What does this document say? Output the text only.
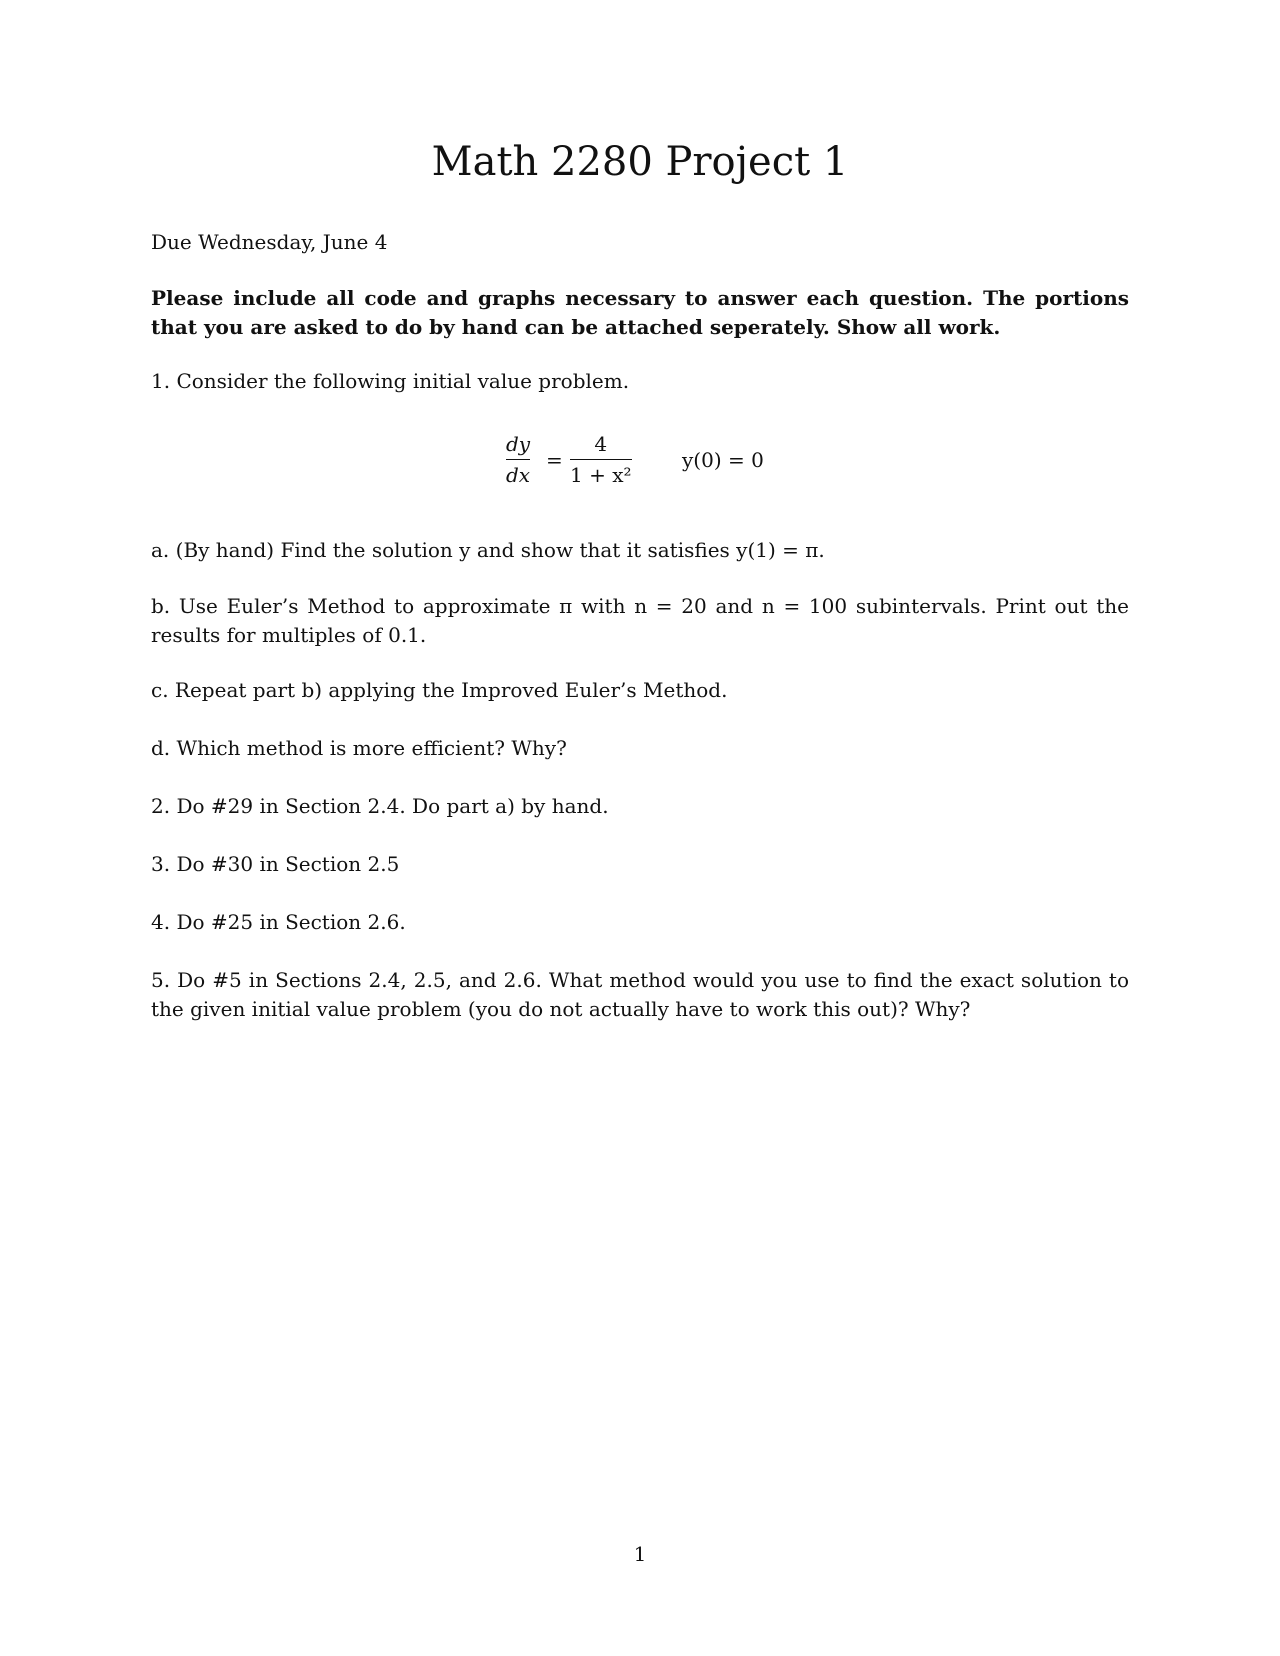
Math 2280 Project 1
Due Wednesday, June 4
Please include all code and graphs necessary to answer each question. The portions that you are asked to do by hand can be attached seperately. Show all work.
1. Consider the following initial value problem.
dy
dx
=
4
1 + x²
y(0) = 0
a. (By hand) Find the solution y and show that it satisfies y(1) = π.
b. Use Euler’s Method to approximate π with n = 20 and n = 100 subintervals. Print out the results for multiples of 0.1.
c. Repeat part b) applying the Improved Euler’s Method.
d. Which method is more efficient? Why?
2. Do #29 in Section 2.4. Do part a) by hand.
3. Do #30 in Section 2.5
4. Do #25 in Section 2.6.
5. Do #5 in Sections 2.4, 2.5, and 2.6. What method would you use to find the exact solution to the given initial value problem (you do not actually have to work this out)? Why?
1
